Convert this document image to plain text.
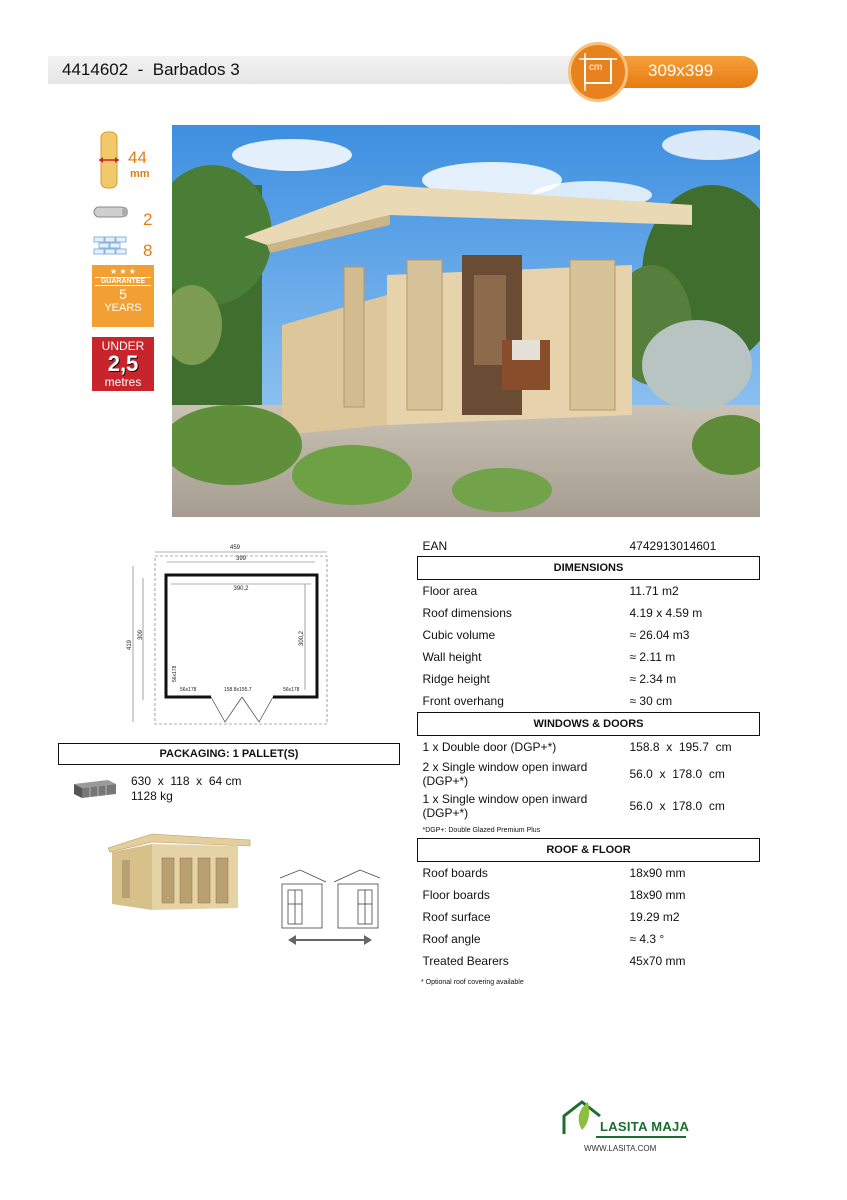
4414602  -  Barbados 3	309x399
cm
44
mm
2
8
★ ★ ★
GUARANTEE
5
YEARS
UNDER
2,5
metres
459
399
390,2
419
309	300,2
56x178
56x178	158.8x195.7	56x178
PACKAGING: 1 PALLET(S)
630  x  118  x  64 cm
1128 kg
EAN	4742913014601
DIMENSIONS	
Floor area	11.71 m2
Roof dimensions	4.19 x 4.59 m
Cubic volume	≈ 26.04 m3
Wall height	≈ 2.11 m
Ridge height	≈ 2.34 m
Front overhang	≈ 30 cm
WINDOWS & DOORS	
1 x Double door (DGP+*)	158.8  x  195.7  cm
2 x Single window open inward (DGP+*)	56.0  x  178.0  cm
1 x Single window open inward (DGP+*)	56.0  x  178.0  cm
*DGP+: Double Glazed Premium Plus	
ROOF & FLOOR	
Roof boards	18x90 mm
Floor boards	18x90 mm
Roof surface	19.29 m2
Roof angle	≈ 4.3 °
Treated Bearers	45x70 mm
* Optional roof covering available
LASITA MAJA
WWW.LASITA.COM
